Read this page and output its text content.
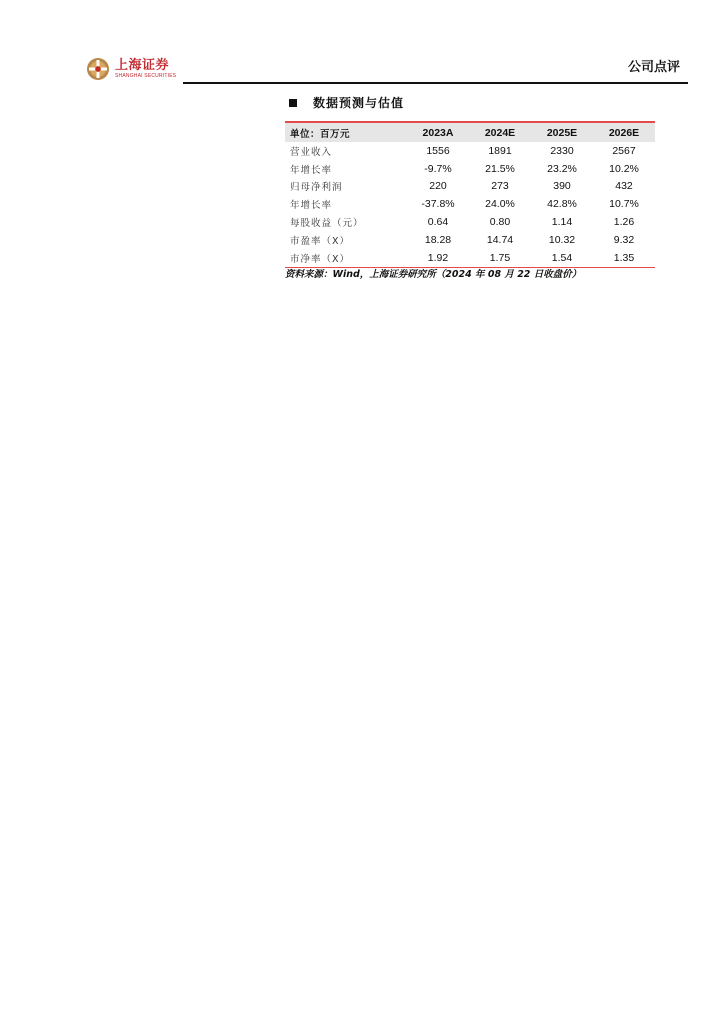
上海证券
SHANGHAI SECURITIES
公司点评
数据预测与估值
单位：百万元	2023A	2024E	2025E	2026E
营业收入	1556	1891	2330	2567
年增长率	-9.7%	21.5%	23.2%	10.2%
归母净利润	220	273	390	432
年增长率	-37.8%	24.0%	42.8%	10.7%
每股收益（元）	0.64	0.80	1.14	1.26
市盈率（X）	18.28	14.74	10.32	9.32
市净率（X）	1.92	1.75	1.54	1.35
资料来源：Wind，上海证券研究所（2024 年 08 月 22 日收盘价）
